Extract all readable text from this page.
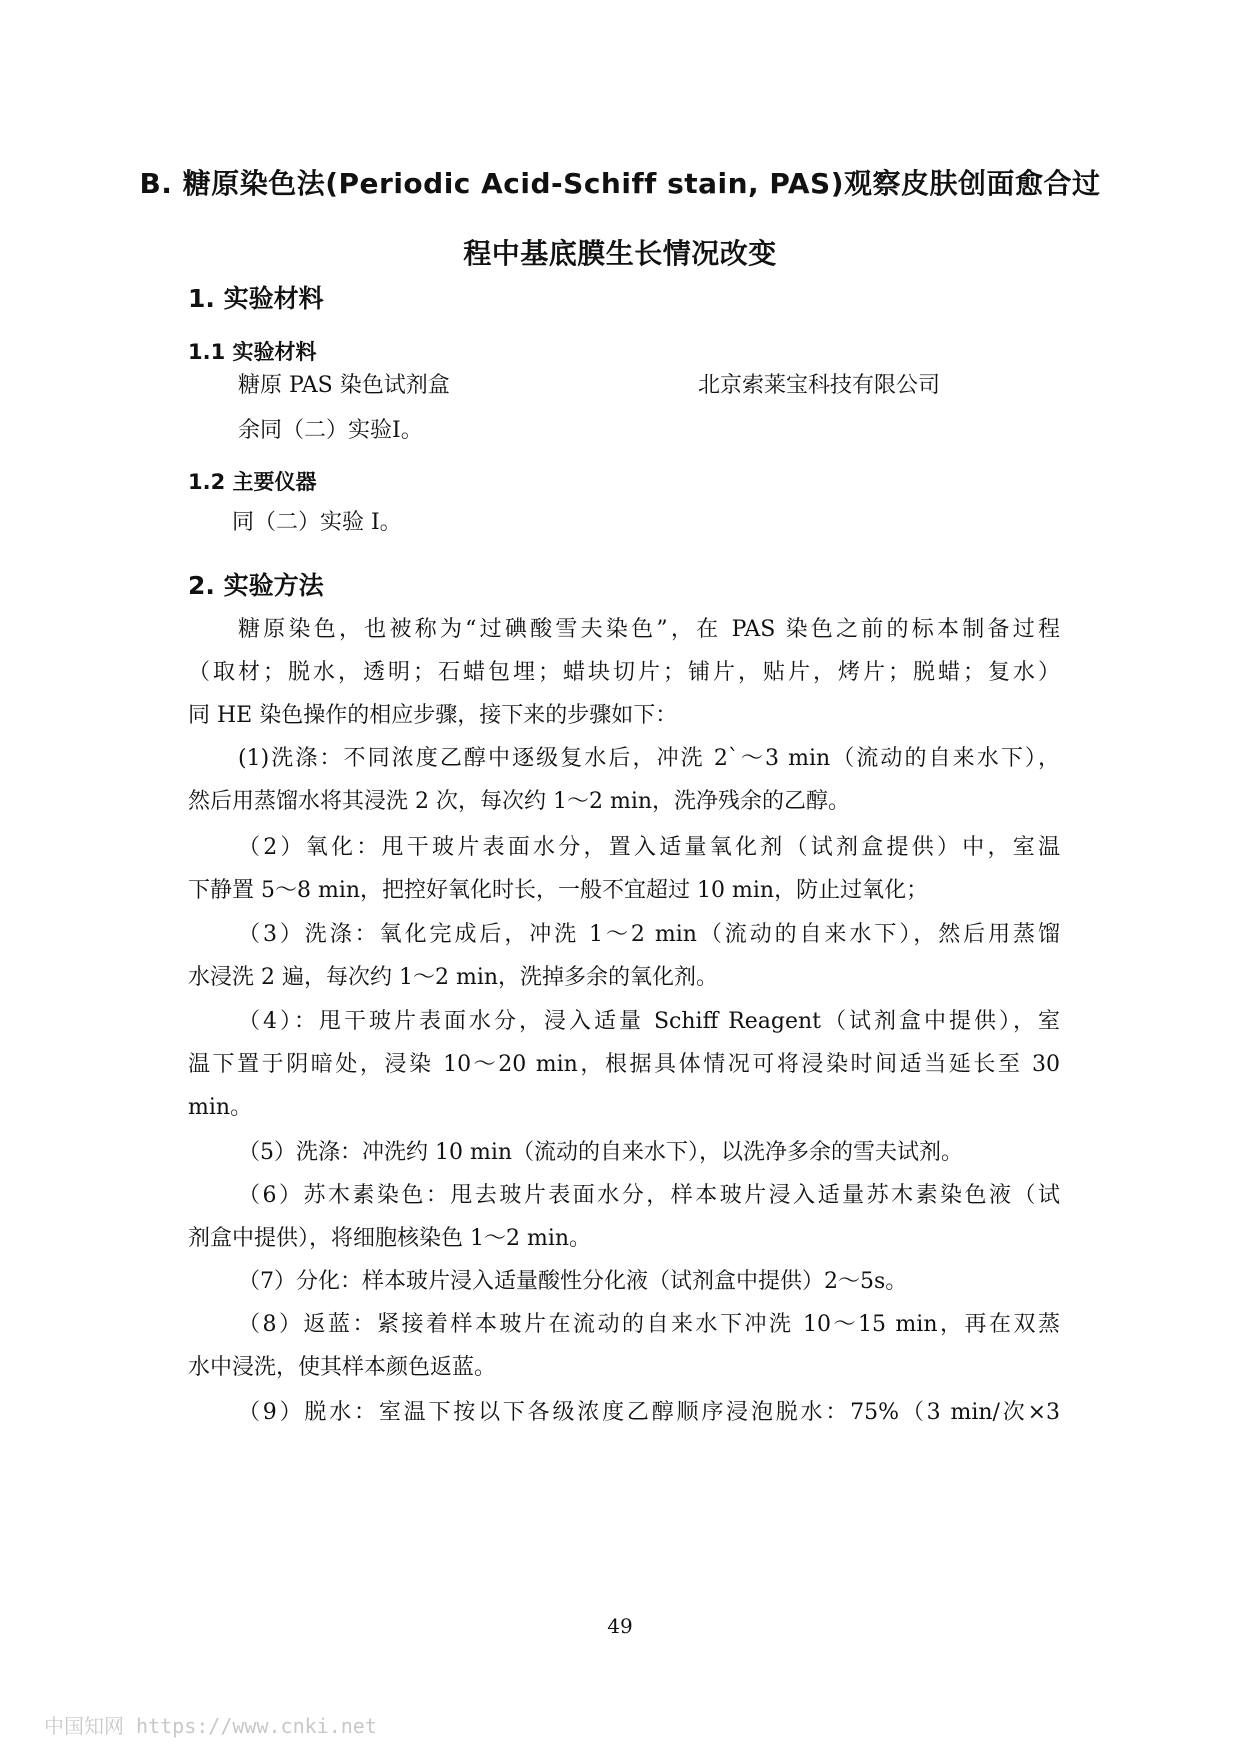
B. 糖原染色法(Periodic Acid-Schiff stain, PAS)观察皮肤创面愈合过
程中基底膜生长情况改变
1. 实验材料
1.1 实验材料
糖原 PAS 染色试剂盒	北京索莱宝科技有限公司
余同（二）实验I。
1.2 主要仪器
同（二）实验 I。
2. 实验方法
糖原染色，也被称为“过碘酸雪夫染色”，在 PAS 染色之前的标本制备过程
（取材；脱水，透明；石蜡包埋；蜡块切片；铺片，贴片，烤片；脱蜡；复水）
同 HE 染色操作的相应步骤，接下来的步骤如下：
(1)洗涤：不同浓度乙醇中逐级复水后，冲洗 2`～3 min（流动的自来水下），
然后用蒸馏水将其浸洗 2 次，每次约 1～2 min，洗净残余的乙醇。
（2）氧化：甩干玻片表面水分，置入适量氧化剂（试剂盒提供）中，室温
下静置 5～8 min，把控好氧化时长，一般不宜超过 10 min，防止过氧化；
（3）洗涤：氧化完成后，冲洗 1～2 min（流动的自来水下），然后用蒸馏
水浸洗 2 遍，每次约 1～2 min，洗掉多余的氧化剂。
（4）：甩干玻片表面水分，浸入适量 Schiff Reagent（试剂盒中提供），室
温下置于阴暗处，浸染 10～20 min，根据具体情况可将浸染时间适当延长至 30
min。
（5）洗涤：冲洗约 10 min（流动的自来水下），以洗净多余的雪夫试剂。
（6）苏木素染色：甩去玻片表面水分，样本玻片浸入适量苏木素染色液（试
剂盒中提供），将细胞核染色 1～2 min。
（7）分化：样本玻片浸入适量酸性分化液（试剂盒中提供）2～5s。
（8）返蓝：紧接着样本玻片在流动的自来水下冲洗 10～15 min，再在双蒸
水中浸洗，使其样本颜色返蓝。
（9）脱水：室温下按以下各级浓度乙醇顺序浸泡脱水：75%（3 min/次×3
49
中国知网 https://www.cnki.net
